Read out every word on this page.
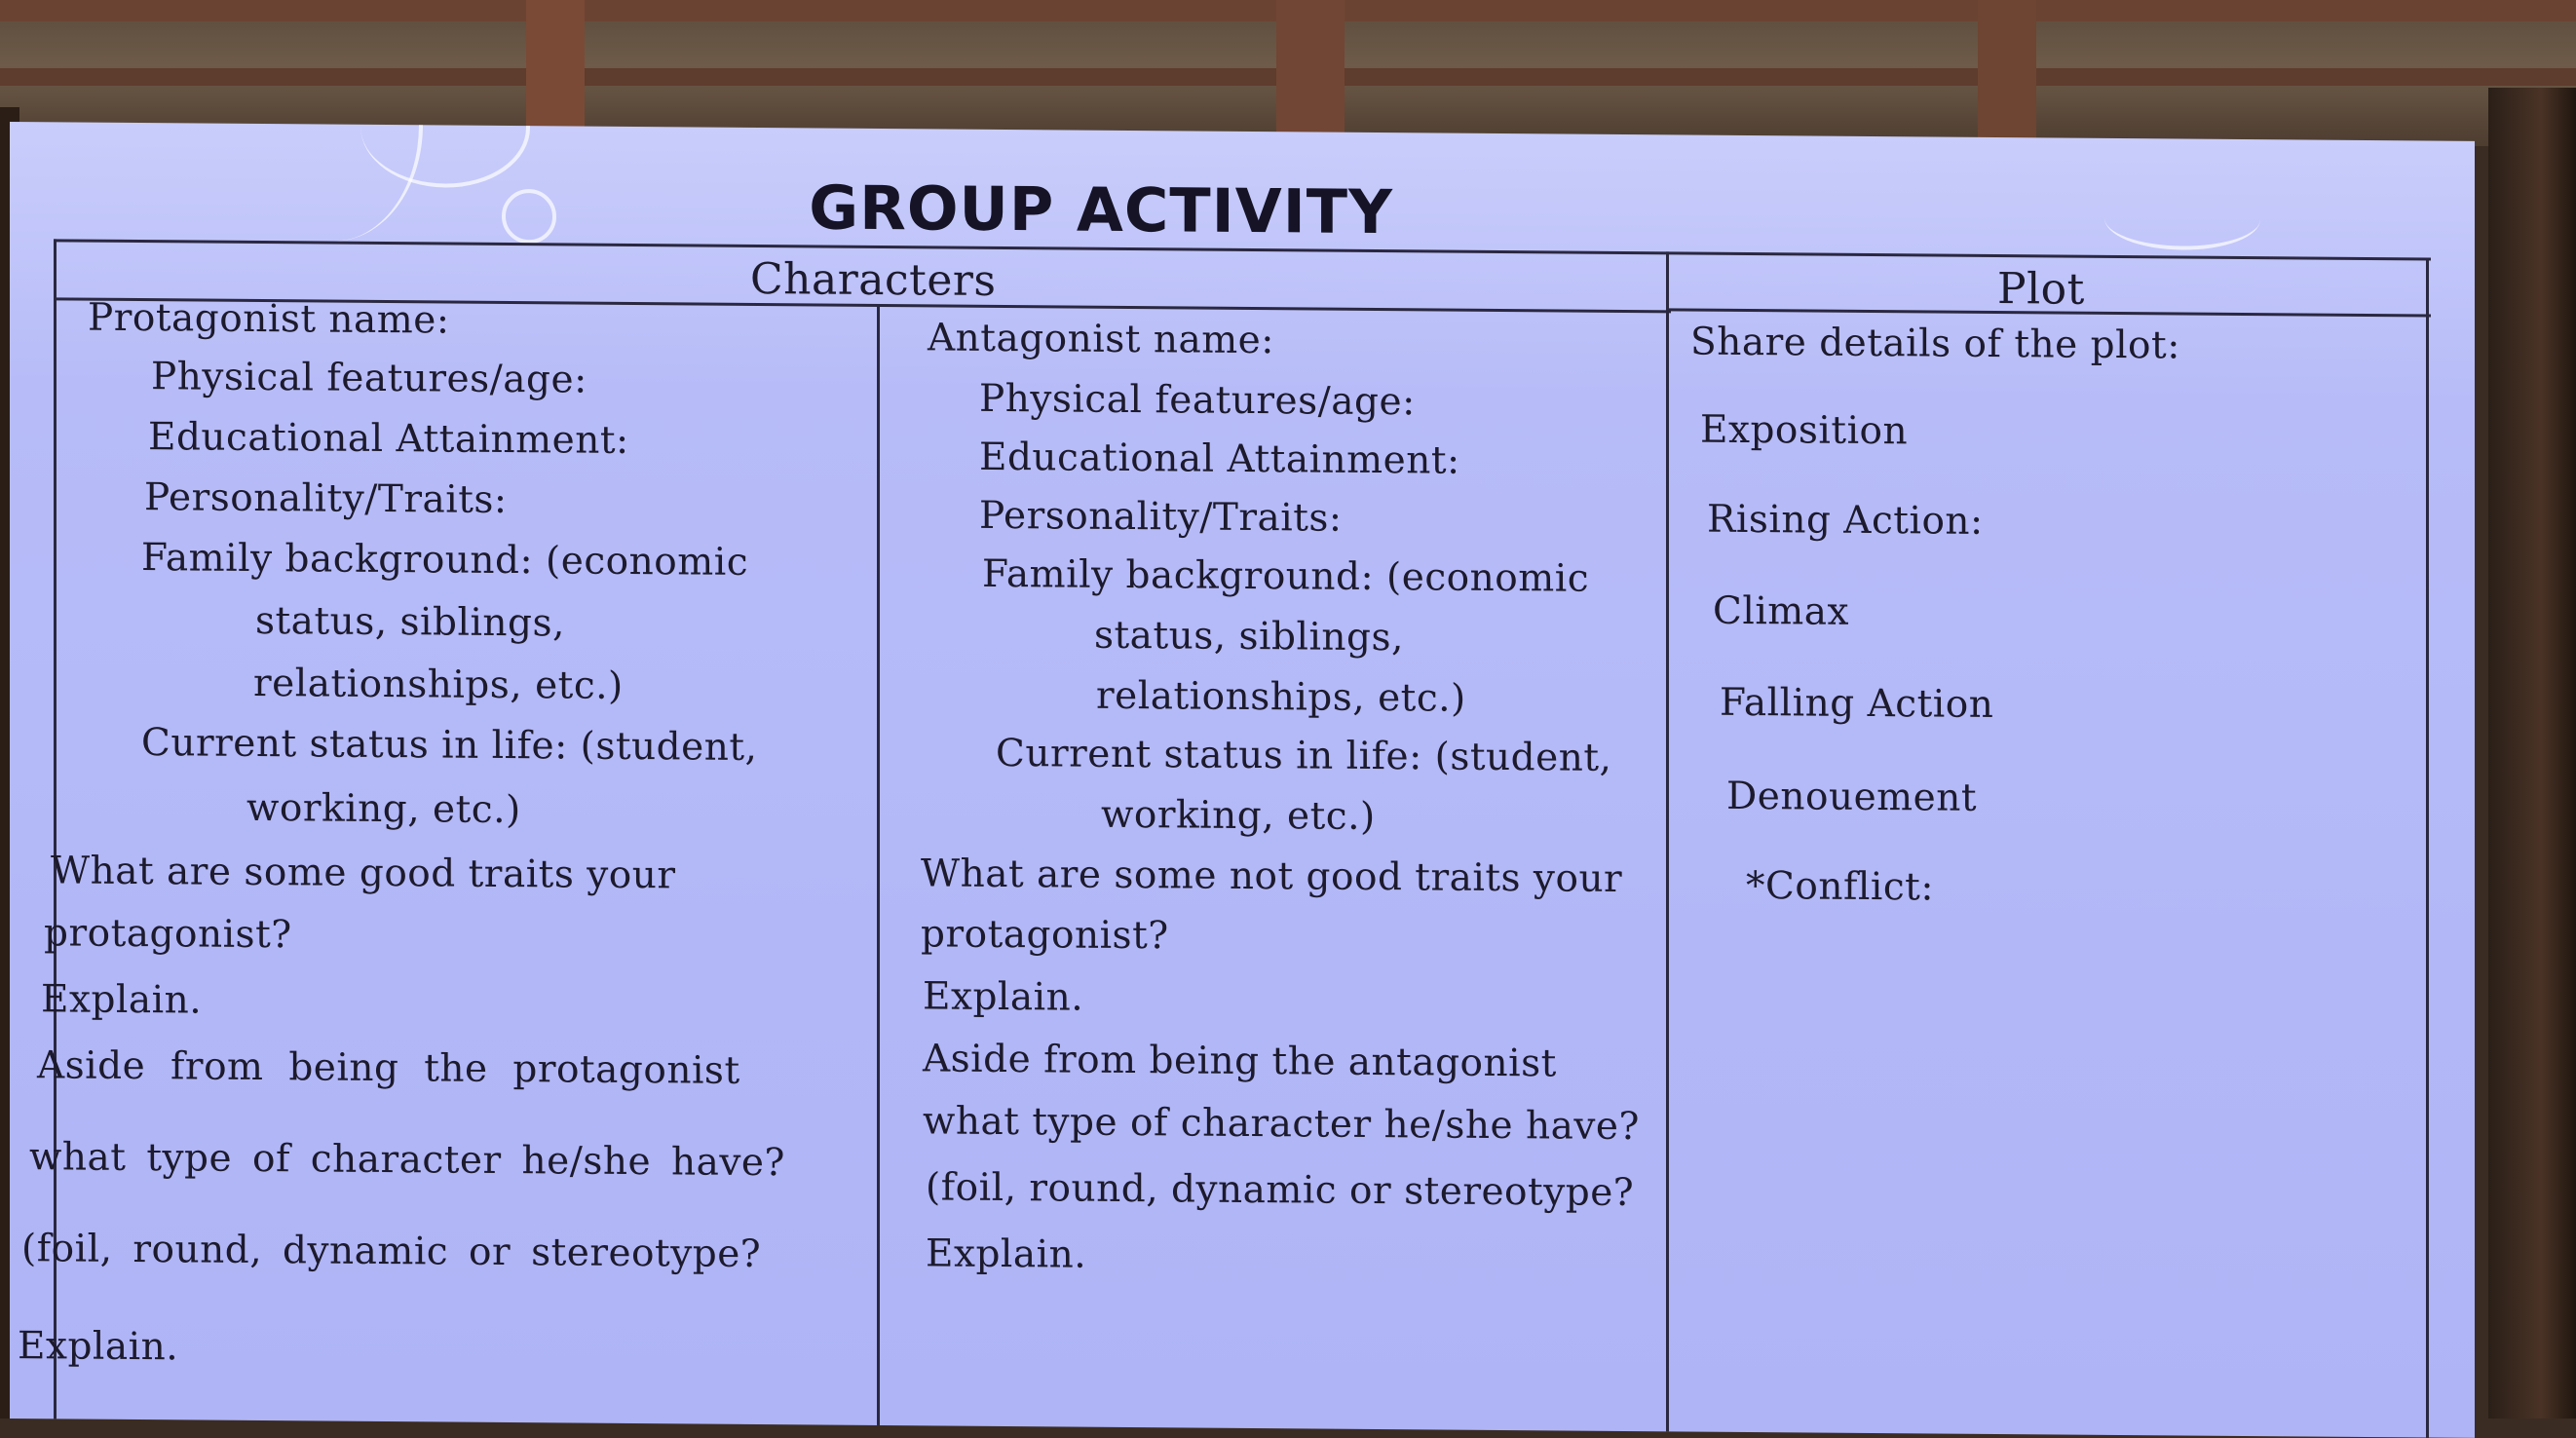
GROUP ACTIVITY
Characters	Plot
Protagonist name:
Physical features/age:
Educational Attainment:
Personality/Traits:
Family background: (economic
status, siblings,
relationships, etc.)
Current status in life: (student,
working, etc.)
What are some good traits your
protagonist?
Explain.
Aside  from  being  the  protagonist
what type of character he/she have?
(foil, round, dynamic or stereotype?
Explain.
Antagonist name:
Physical features/age:
Educational Attainment:
Personality/Traits:
Family background: (economic
status, siblings,
relationships, etc.)
Current status in life: (student,
working, etc.)
What are some not good traits your
protagonist?
Explain.
Aside from being the antagonist
what type of character he/she have?
(foil, round, dynamic or stereotype?
Explain.
Share details of the plot:
Exposition
Rising Action:
Climax
Falling Action
Denouement
*Conflict:
